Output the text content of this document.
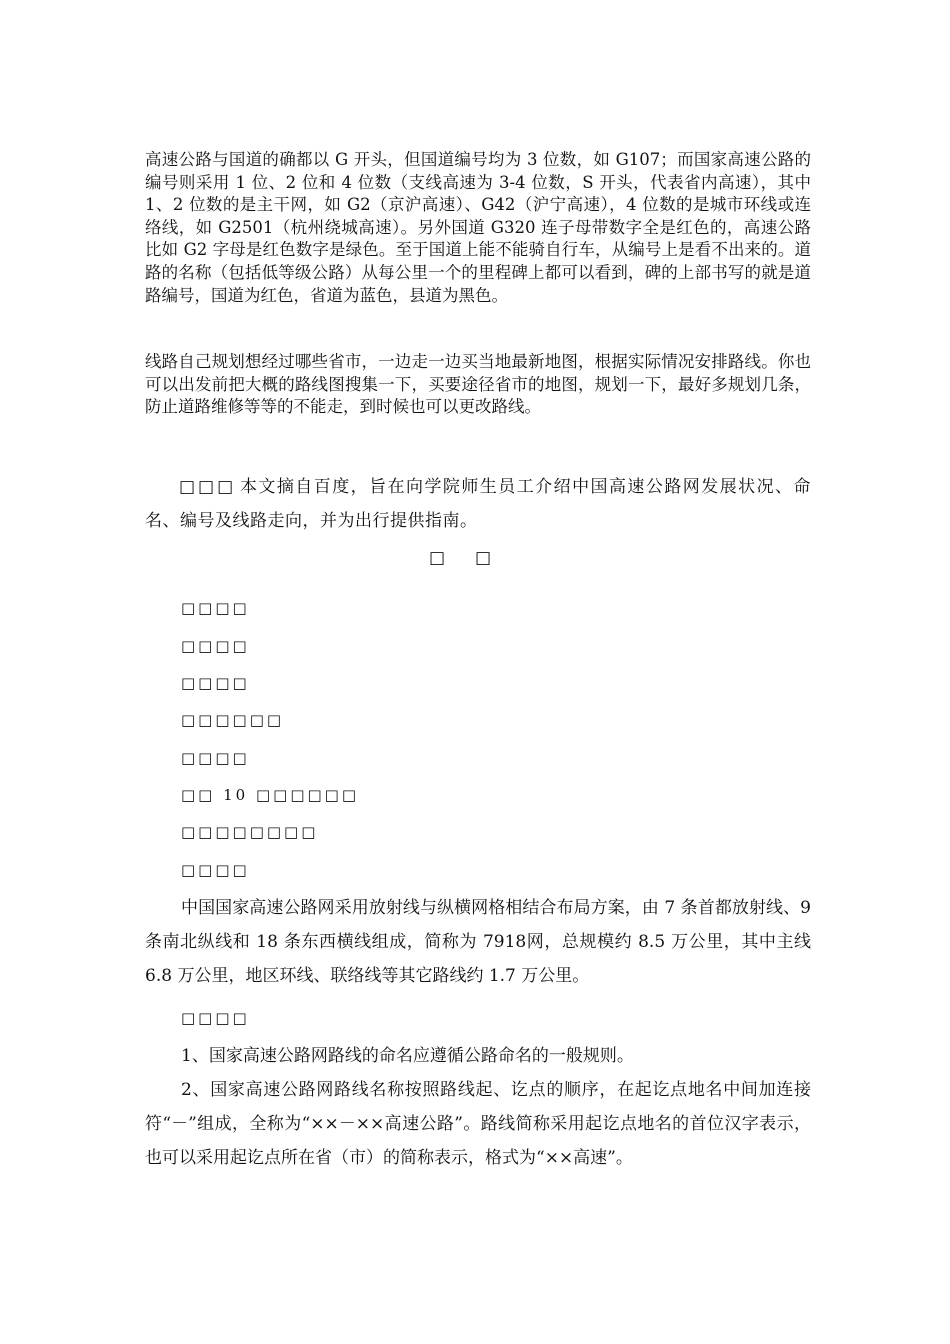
高速公路与国道的确都以 G 开头，但国道编号均为 3 位数，如 G107；而国家高速公路的编号则采用 1 位、2 位和 4 位数（支线高速为 3-4 位数，S 开头，代表省内高速），其中 1、2 位数的是主干网，如 G2（京沪高速）、G42（沪宁高速），4 位数的是城市环线或连络线，如 G2501（杭州绕城高速）。另外国道 G320 连子母带数字全是红色的，高速公路比如 G2 字母是红色数字是绿色。至于国道上能不能骑自行车，从编号上是看不出来的。道路的名称（包括低等级公路）从每公里一个的里程碑上都可以看到，碑的上部书写的就是道路编号，国道为红色，省道为蓝色，县道为黑色。
线路自己规划想经过哪些省市，一边走一边买当地最新地图，根据实际情况安排路线。你也可以出发前把大概的路线图搜集一下，买要途径省市的地图，规划一下，最好多规划几条，防止道路维修等等的不能走，到时候也可以更改路线。
□□□ 本文摘自百度，旨在向学院师生员工介绍中国高速公路网发展状况、命名、编号及线路走向，并为出行提供指南。
□□
□□□□
□□□□
□□□□
□□□□□□
□□□□
□□ 10 □□□□□□
□□□□□□□□
□□□□
中国国家高速公路网采用放射线与纵横网格相结合布局方案，由 7 条首都放射线、9 条南北纵线和 18 条东西横线组成，简称为 7918网，总规模约 8.5 万公里，其中主线 6.8 万公里，地区环线、联络线等其它路线约 1.7 万公里。
□□□□
1、国家高速公路网路线的命名应遵循公路命名的一般规则。
2、国家高速公路网路线名称按照路线起、讫点的顺序，在起讫点地名中间加连接符“－”组成，全称为“××－××高速公路”。路线简称采用起讫点地名的首位汉字表示，也可以采用起讫点所在省（市）的简称表示，格式为“××高速”。
